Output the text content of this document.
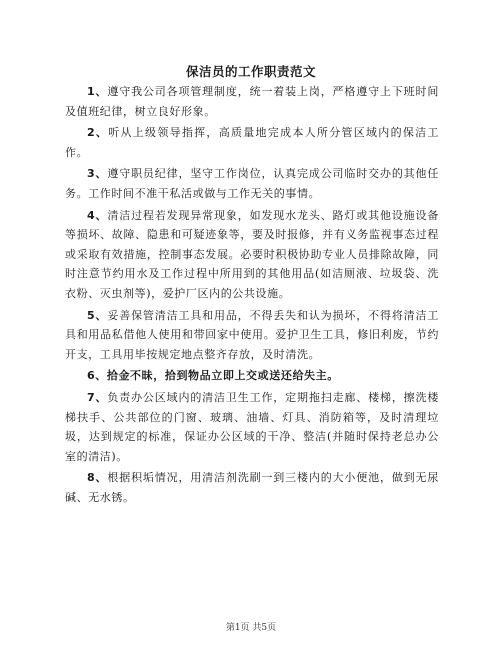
保洁员的工作职责范文

1、遵守我公司各项管理制度，统一着装上岗，严格遵守上下班时间及值班纪律，树立良好形象。

2、听从上级领导指挥，高质量地完成本人所分管区域内的保洁工作。

3、遵守职员纪律，坚守工作岗位，认真完成公司临时交办的其他任务。工作时间不准干私活或做与工作无关的事情。

4、清洁过程若发现异常现象，如发现水龙头、路灯或其他设施设备等损坏、故障、隐患和可疑迹象等，要及时报修，并有义务监视事态过程或采取有效措施，控制事态发展。必要时积极协助专业人员排除故障，同时注意节约用水及工作过程中所用到的其他用品(如洁厕液、垃圾袋、洗衣粉、灭虫剂等)，爱护厂区内的公共设施。

5、妥善保管清洁工具和用品，不得丢失和认为损坏，不得将清洁工具和用品私借他人使用和带回家中使用。爱护卫生工具，修旧利废，节约开支，工具用毕按规定地点整齐存放，及时清洗。

6、拾金不昧，拾到物品立即上交或送还给失主。

7、负责办公区域内的清洁卫生工作，定期拖扫走廊、楼梯，擦洗楼梯扶手、公共部位的门窗、玻璃、油墙、灯具、消防箱等，及时清理垃圾，达到规定的标准，保证办公区域的干净、整洁(并随时保持老总办公室的清洁)。

8、根据积垢情况，用清洁剂洗刷一到三楼内的大小便池，做到无尿碱、无水锈。

第1页 共5页
